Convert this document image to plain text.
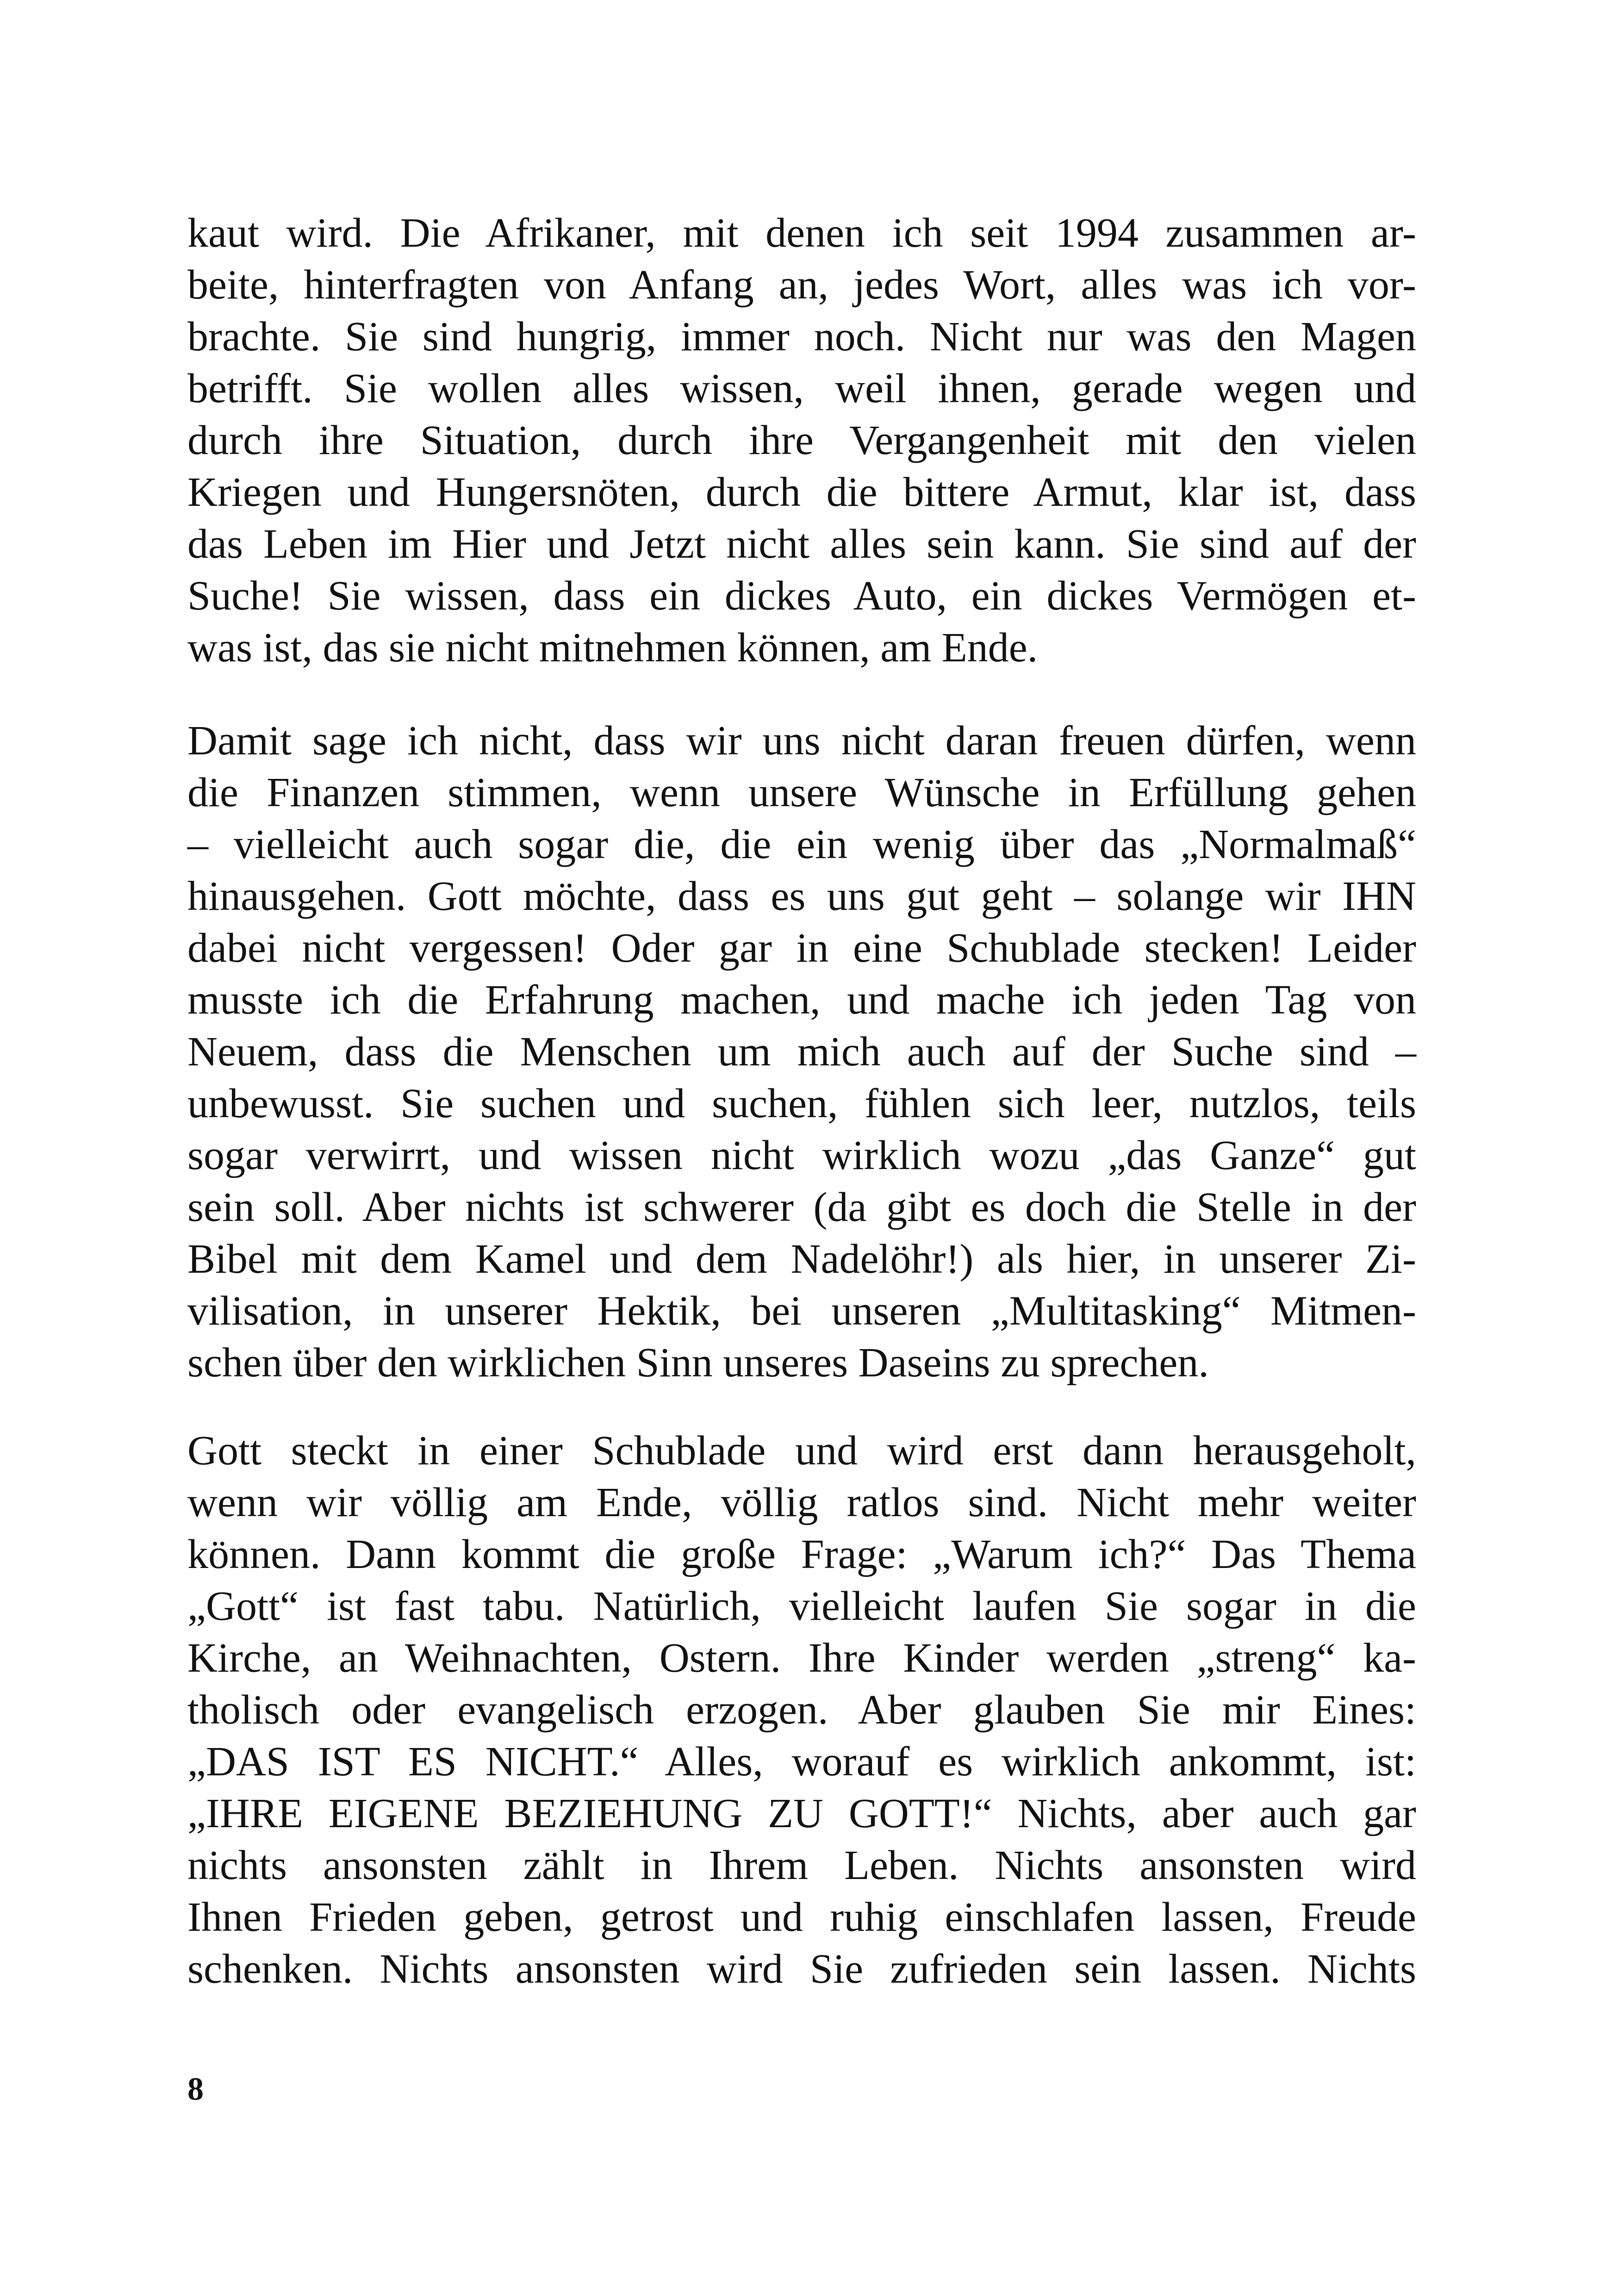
kaut wird. Die Afrikaner, mit denen ich seit 1994 zusammen ar-
beite, hinterfragten von Anfang an, jedes Wort, alles was ich vor-
brachte. Sie sind hungrig, immer noch. Nicht nur was den Magen
betrifft. Sie wollen alles wissen, weil ihnen, gerade wegen und
durch ihre Situation, durch ihre Vergangenheit mit den vielen
Kriegen und Hungersnöten, durch die bittere Armut, klar ist, dass
das Leben im Hier und Jetzt nicht alles sein kann. Sie sind auf der
Suche! Sie wissen, dass ein dickes Auto, ein dickes Vermögen et-
was ist, das sie nicht mitnehmen können, am Ende.
Damit sage ich nicht, dass wir uns nicht daran freuen dürfen, wenn
die Finanzen stimmen, wenn unsere Wünsche in Erfüllung gehen
– vielleicht auch sogar die, die ein wenig über das „Normalmaß“
hinausgehen. Gott möchte, dass es uns gut geht – solange wir IHN
dabei nicht vergessen! Oder gar in eine Schublade stecken! Leider
musste ich die Erfahrung machen, und mache ich jeden Tag von
Neuem, dass die Menschen um mich auch auf der Suche sind –
unbewusst. Sie suchen und suchen, fühlen sich leer, nutzlos, teils
sogar verwirrt, und wissen nicht wirklich wozu „das Ganze“ gut
sein soll. Aber nichts ist schwerer (da gibt es doch die Stelle in der
Bibel mit dem Kamel und dem Nadelöhr!) als hier, in unserer Zi-
vilisation, in unserer Hektik, bei unseren „Multitasking“ Mitmen-
schen über den wirklichen Sinn unseres Daseins zu sprechen.
Gott steckt in einer Schublade und wird erst dann herausgeholt,
wenn wir völlig am Ende, völlig ratlos sind. Nicht mehr weiter
können. Dann kommt die große Frage: „Warum ich?“ Das Thema
„Gott“ ist fast tabu. Natürlich, vielleicht laufen Sie sogar in die
Kirche, an Weihnachten, Ostern. Ihre Kinder werden „streng“ ka-
tholisch oder evangelisch erzogen. Aber glauben Sie mir Eines:
„DAS IST ES NICHT.“ Alles, worauf es wirklich ankommt, ist:
„IHRE EIGENE BEZIEHUNG ZU GOTT!“ Nichts, aber auch gar
nichts ansonsten zählt in Ihrem Leben. Nichts ansonsten wird
Ihnen Frieden geben, getrost und ruhig einschlafen lassen, Freude
schenken. Nichts ansonsten wird Sie zufrieden sein lassen. Nichts
8
